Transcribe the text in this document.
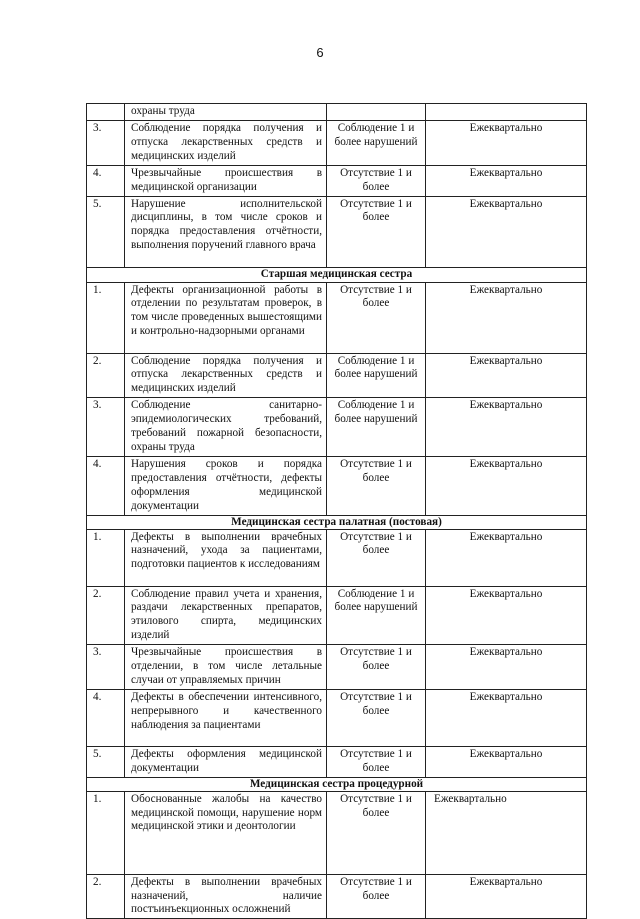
6
	охраны труда		
3.	Соблюдение порядка получения и отпуска лекарственных средств и медицинских изделий	Соблюдение 1 и более нарушений	Ежеквартально
4.	Чрезвычайные происшествия в медицинской организации	Отсутствие 1 и более	Ежеквартально
5.	Нарушение исполнительской дисциплины, в том числе сроков и порядка предоставления отчётности, выполнения поручений главного врача	Отсутствие 1 и более	Ежеквартально
Старшая медицинская сестра			
1.	Дефекты организационной работы в отделении по результатам проверок, в том числе проведенных вышестоящими и контрольно-надзорными органами	Отсутствие 1 и более	Ежеквартально
2.	Соблюдение порядка получения и отпуска лекарственных средств и медицинских изделий	Соблюдение 1 и более нарушений	Ежеквартально
3.	Соблюдение санитарно-эпидемиологических требований, требований пожарной безопасности, охраны труда	Соблюдение 1 и более нарушений	Ежеквартально
4.	Нарушения сроков и порядка предоставления отчётности, дефекты оформления медицинской документации	Отсутствие 1 и более	Ежеквартально
Медицинская сестра палатная (постовая)			
1.	Дефекты в выполнении врачебных назначений, ухода за пациентами, подготовки пациентов к исследованиям	Отсутствие 1 и более	Ежеквартально
2.	Соблюдение правил учета и хранения, раздачи лекарственных препаратов, этилового спирта, медицинских изделий	Соблюдение 1 и более нарушений	Ежеквартально
3.	Чрезвычайные происшествия в отделении, в том числе летальные случаи от управляемых причин	Отсутствие 1 и более	Ежеквартально
4.	Дефекты в обеспечении интенсивного, непрерывного и качественного наблюдения за пациентами	Отсутствие 1 и более	Ежеквартально
5.	Дефекты оформления медицинской документации	Отсутствие 1 и более	Ежеквартально
Медицинская сестра процедурной			
1.	Обоснованные жалобы на качество медицинской помощи, нарушение норм медицинской этики и деонтологии	Отсутствие 1 и более	Ежеквартально
2.	Дефекты в выполнении врачебных назначений, наличие постъинъекционных осложнений	Отсутствие 1 и более	Ежеквартально
